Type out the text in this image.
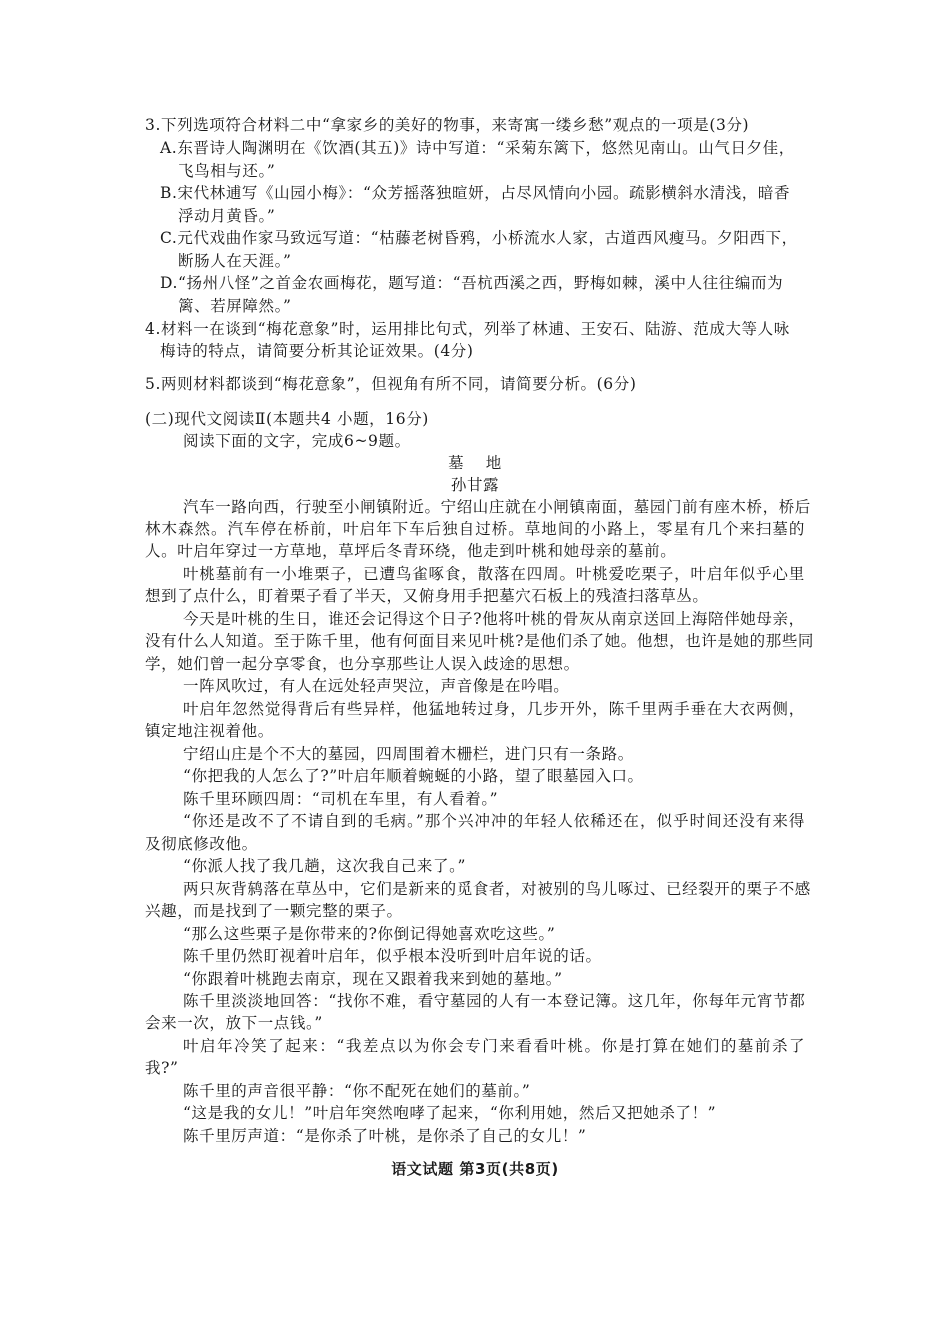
3.下列选项符合材料二中“拿家乡的美好的物事，来寄寓一缕乡愁”观点的一项是(3分)
A.东晋诗人陶渊明在《饮酒(其五)》诗中写道：“采菊东篱下，悠然见南山。山气日夕佳，
飞鸟相与还。”
B.宋代林逋写《山园小梅》：“众芳摇落独暄妍，占尽风情向小园。疏影横斜水清浅，暗香
浮动月黄昏。”
C.元代戏曲作家马致远写道：“枯藤老树昏鸦，小桥流水人家，古道西风瘦马。夕阳西下，
断肠人在天涯。”
D.“扬州八怪”之首金农画梅花，题写道：“吾杭西溪之西，野梅如棘，溪中人往往编而为
篱、若屏障然。”
4.材料一在谈到“梅花意象”时，运用排比句式，列举了林逋、王安石、陆游、范成大等人咏
梅诗的特点，请简要分析其论证效果。(4分)
5.两则材料都谈到“梅花意象”，但视角有所不同，请简要分析。(6分)
(二)现代文阅读Ⅱ(本题共4 小题，16分)
阅读下面的文字，完成6~9题。
墓　 地
孙甘露
汽车一路向西，行驶至小闸镇附近。宁绍山庄就在小闸镇南面，墓园门前有座木桥，桥后
林木森然。汽车停在桥前，叶启年下车后独自过桥。草地间的小路上，零星有几个来扫墓的
人。叶启年穿过一方草地，草坪后冬青环绕，他走到叶桃和她母亲的墓前。
叶桃墓前有一小堆栗子，已遭鸟雀啄食，散落在四周。叶桃爱吃栗子，叶启年似乎心里
想到了点什么，盯着栗子看了半天，又俯身用手把墓穴石板上的残渣扫落草丛。
今天是叶桃的生日，谁还会记得这个日子?他将叶桃的骨灰从南京送回上海陪伴她母亲，
没有什么人知道。至于陈千里，他有何面目来见叶桃?是他们杀了她。他想，也许是她的那些同
学，她们曾一起分享零食，也分享那些让人误入歧途的思想。
一阵风吹过，有人在远处轻声哭泣，声音像是在吟唱。
叶启年忽然觉得背后有些异样，他猛地转过身，几步开外，陈千里两手垂在大衣两侧，
镇定地注视着他。
宁绍山庄是个不大的墓园，四周围着木栅栏，进门只有一条路。
“你把我的人怎么了?”叶启年顺着蜿蜒的小路，望了眼墓园入口。
陈千里环顾四周：“司机在车里，有人看着。”
“你还是改不了不请自到的毛病。”那个兴冲冲的年轻人依稀还在，似乎时间还没有来得
及彻底修改他。
“你派人找了我几趟，这次我自己来了。”
两只灰背鸫落在草丛中，它们是新来的觅食者，对被别的鸟儿啄过、已经裂开的栗子不感
兴趣，而是找到了一颗完整的栗子。
“那么这些栗子是你带来的?你倒记得她喜欢吃这些。”
陈千里仍然盯视着叶启年，似乎根本没听到叶启年说的话。
“你跟着叶桃跑去南京，现在又跟着我来到她的墓地。”
陈千里淡淡地回答：“找你不难，看守墓园的人有一本登记簿。这几年，你每年元宵节都
会来一次，放下一点钱。”
叶启年冷笑了起来：“我差点以为你会专门来看看叶桃。你是打算在她们的墓前杀了
我?”
陈千里的声音很平静：“你不配死在她们的墓前。”
“这是我的女儿！”叶启年突然咆哮了起来，“你利用她，然后又把她杀了！”
陈千里厉声道：“是你杀了叶桃，是你杀了自己的女儿！”
语文试题 第3页(共8页)
